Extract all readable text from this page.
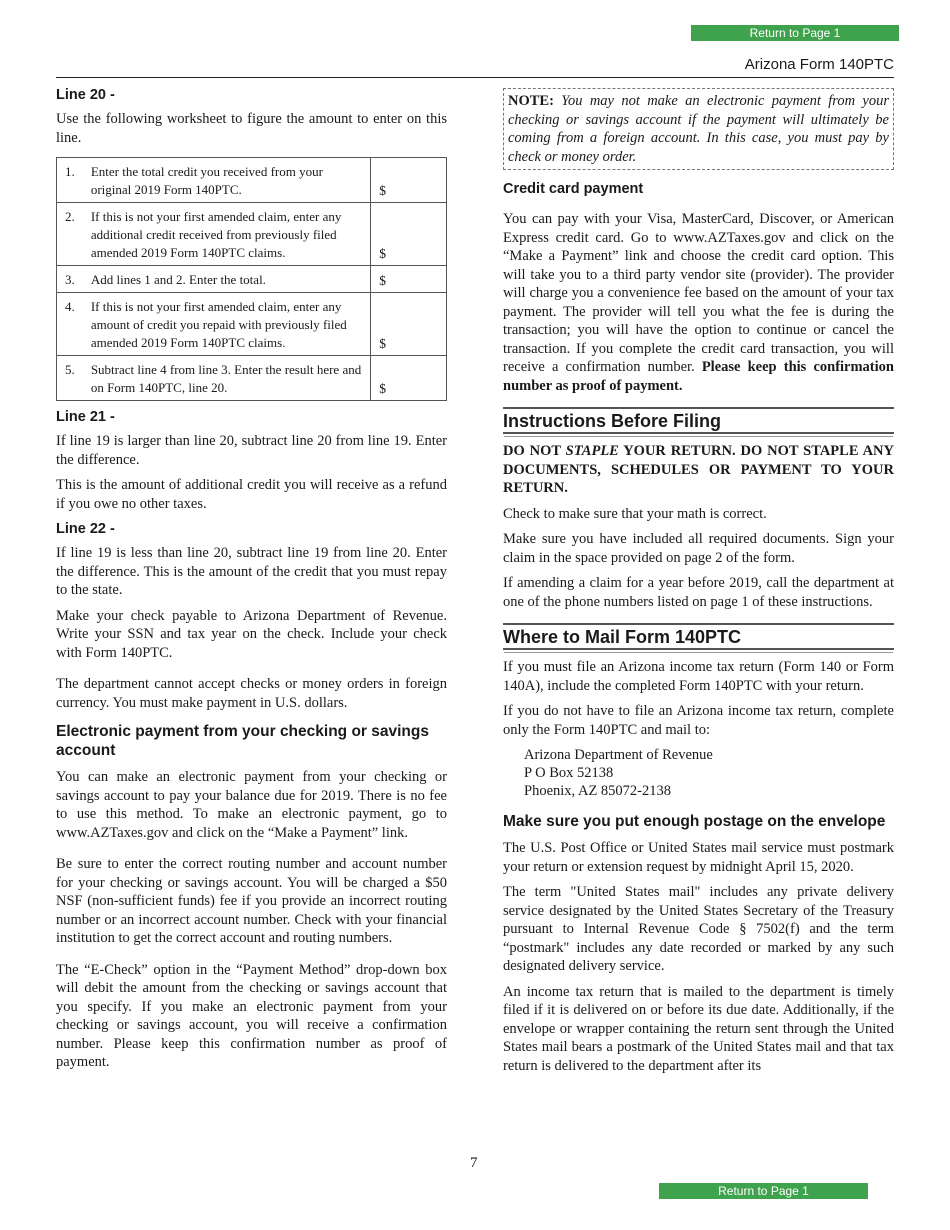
Return to Page 1
Arizona Form 140PTC
Line 20 -

Use the following worksheet to figure the amount to enter on this line.

1.	Enter the total credit you received from your original 2019 Form 140PTC.	$
2.	If this is not your first amended claim, enter any additional credit received from previously filed amended 2019 Form 140PTC claims.	$
3.	Add lines 1 and 2. Enter the total.	$
4.	If this is not your first amended claim, enter any amount of credit you repaid with previously filed amended 2019 Form 140PTC claims.	$
5.	Subtract line 4 from line 3. Enter the result here and on Form 140PTC, line 20.	$
Line 21 -

If line 19 is larger than line 20, subtract line 20 from line 19. Enter the difference.

This is the amount of additional credit you will receive as a refund if you owe no other taxes.

Line 22 -

If line 19 is less than line 20, subtract line 19 from line 20. Enter the difference. This is the amount of the credit that you must repay to the state.

Make your check payable to Arizona Department of Revenue. Write your SSN and tax year on the check. Include your check with Form 140PTC.

The department cannot accept checks or money orders in foreign currency. You must make payment in U.S. dollars.

Electronic payment from your checking or savings account

You can make an electronic payment from your checking or savings account to pay your balance due for 2019. There is no fee to use this method. To make an electronic payment, go to www.AZTaxes.gov and click on the “Make a Payment” link.

Be sure to enter the correct routing number and account number for your checking or savings account. You will be charged a $50 NSF (non-sufficient funds) fee if you provide an incorrect routing number or an incorrect account number. Check with your financial institution to get the correct account and routing numbers.

The “E-Check” option in the “Payment Method” drop-down box will debit the amount from the checking or savings account that you specify. If you make an electronic payment from your checking or savings account, you will receive a confirmation number. Please keep this confirmation number as proof of payment.

NOTE: You may not make an electronic payment from your checking or savings account if the payment will ultimately be coming from a foreign account. In this case, you must pay by check or money order.

Credit card payment

You can pay with your Visa, MasterCard, Discover, or American Express credit card. Go to www.AZTaxes.gov and click on the “Make a Payment” link and choose the credit card option. This will take you to a third party vendor site (provider). The provider will charge you a convenience fee based on the amount of your tax payment. The provider will tell you what the fee is during the transaction; you will have the option to continue or cancel the transaction. If you complete the credit card transaction, you will receive a confirmation number. Please keep this confirmation number as proof of payment.

Instructions Before Filing

DO NOT STAPLE YOUR RETURN. DO NOT STAPLE ANY DOCUMENTS, SCHEDULES OR PAYMENT TO YOUR RETURN.

Check to make sure that your math is correct.

Make sure you have included all required documents. Sign your claim in the space provided on page 2 of the form.

If amending a claim for a year before 2019, call the department at one of the phone numbers listed on page 1 of these instructions.

Where to Mail Form 140PTC

If you must file an Arizona income tax return (Form 140 or Form 140A), include the completed Form 140PTC with your return.

If you do not have to file an Arizona income tax return, complete only the Form 140PTC and mail to:

Arizona Department of Revenue
P O Box 52138
Phoenix, AZ 85072-2138
Make sure you put enough postage on the envelope

The U.S. Post Office or United States mail service must postmark your return or extension request by midnight April 15, 2020.

The term "United States mail" includes any private delivery service designated by the United States Secretary of the Treasury pursuant to Internal Revenue Code § 7502(f) and the term “postmark" includes any date recorded or marked by any such designated delivery service.

An income tax return that is mailed to the department is timely filed if it is delivered on or before its due date. Additionally, if the envelope or wrapper containing the return sent through the United States mail bears a postmark of the United States mail and that tax return is delivered to the department after its

7
Return to Page 1
